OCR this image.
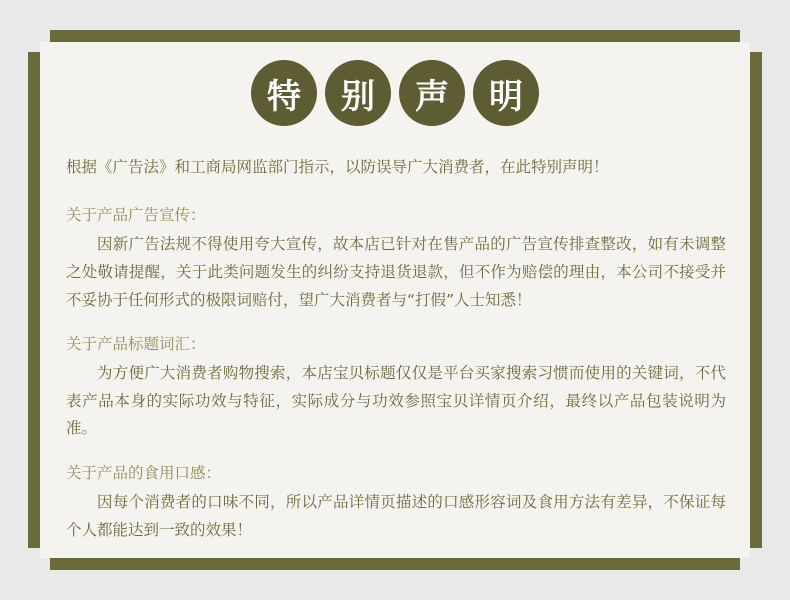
特	别	声	明
根据《广告法》和工商局网监部门指示，以防误导广大消费者，在此特别声明！
关于产品广告宣传：
因新广告法规不得使用夸大宣传，故本店已针对在售产品的广告宣传排查整改，如有未调整之处敬请提醒，关于此类问题发生的纠纷支持退货退款，但不作为赔偿的理由，本公司不接受并不妥协于任何形式的极限词赔付，望广大消费者与“打假”人士知悉！
关于产品标题词汇：
为方便广大消费者购物搜索，本店宝贝标题仅仅是平台买家搜索习惯而使用的关键词，不代表产品本身的实际功效与特征，实际成分与功效参照宝贝详情页介绍，最终以产品包装说明为准。
关于产品的食用口感：
因每个消费者的口味不同，所以产品详情页描述的口感形容词及食用方法有差异，不保证每个人都能达到一致的效果！
